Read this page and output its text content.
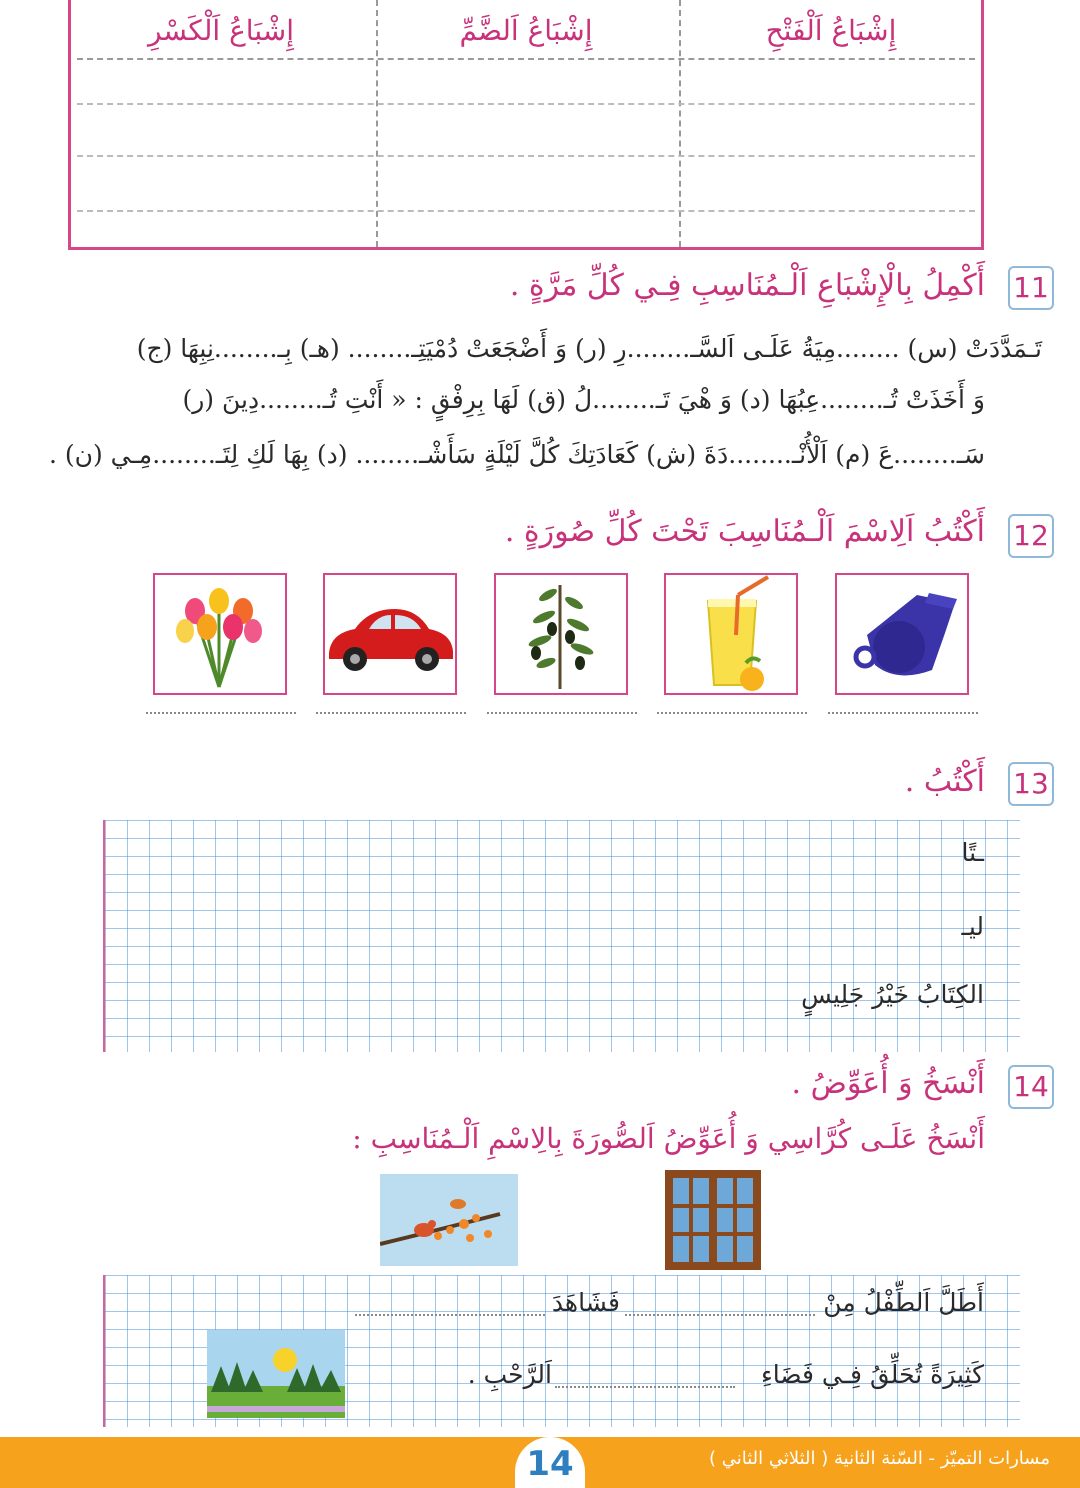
إِشْبَاعُ اَلْفَتْحِ
إِشْبَاعُ اَلضَّمِّ
إِشْبَاعُ اَلْكَسْرِ
11
أَكْمِلُ بِالْإِشْبَاعِ اَلْـمُنَاسِبِ فِـي كُلِّ مَرَّةٍ .
تَـمَدَّدَتْ (س) ........مِيَةُ عَلَـى اَلسَّـ........رِ (ر) وَ أَضْجَعَتْ دُمْيَتِـ........ (هـ) بِـ........نِبِهَا (ج)
وَ أَخَذَتْ تُـ........عِبُهَا (د) وَ هْيَ تَـ........لُ (ق) لَهَا بِرِفْقٍ : « أَنْتِ تُـ........دِينَ (ر)
سَـ........عَ (م) اَلْأُنْـ........دَةَ (ش) كَعَادَتِكَ كُلَّ لَيْلَةٍ سَأَشْـ........ (د) بِهَا لَكِ لِتَـ........مِـي (ن) .
12
أَكْتُبُ اَلِاسْمَ اَلْـمُنَاسِبَ تَحْتَ كُلِّ صُورَةٍ .
13
أَكْتُبُ .
ـتًا
ليـ
الكِتَابُ خَيْرُ جَلِيسٍ
14
أَنْسَخُ وَ أُعَوِّضُ .
أَنْسَخُ عَلَـى كُرَّاسِي وَ أُعَوِّضُ اَلصُّورَةَ بِالِاسْمِ اَلْـمُنَاسِبِ :
أَطَلَّ اَلطِّفْلُ مِنْ
فَشَاهَدَ
كَثِيرَةً تُحَلِّقُ فِـي فَضَاءِ
اَلرَّحْبِ .
14	مسارات التميّز - السّنة الثانية ( الثلاثي الثاني )
